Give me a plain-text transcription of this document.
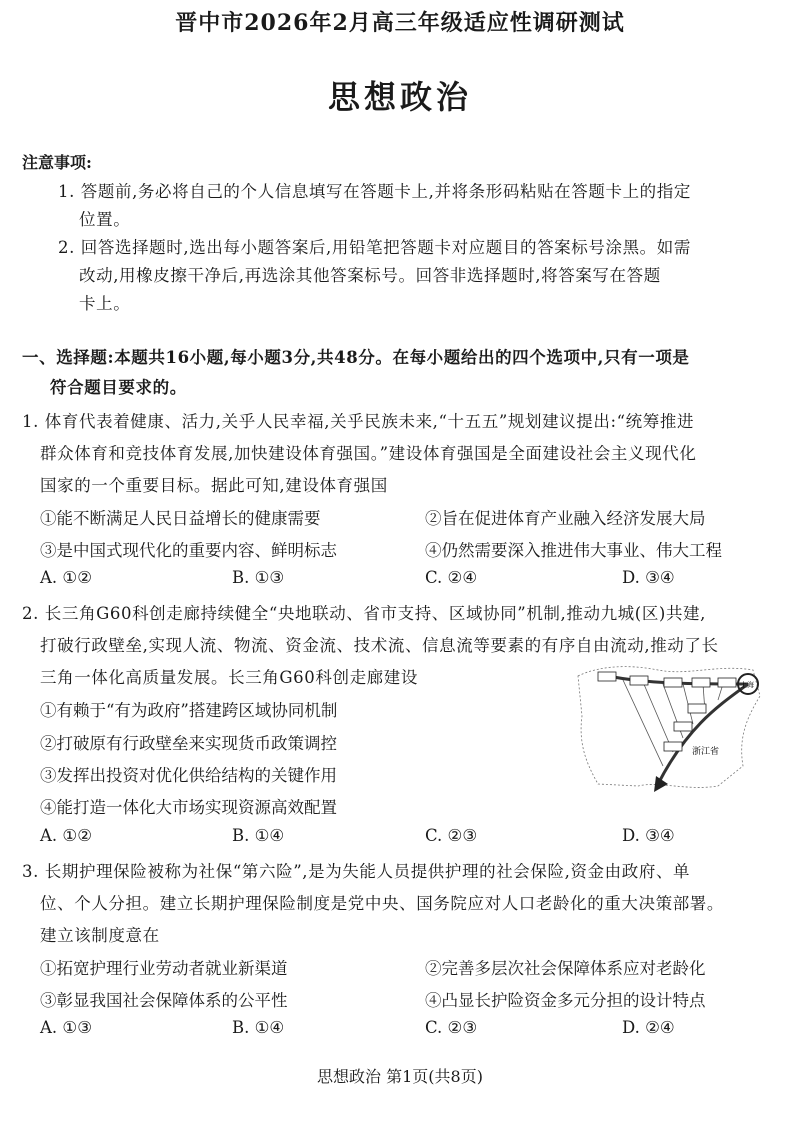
晋中市2026年2月高三年级适应性调研测试
思想政治
注意事项:
1. 答题前,务必将自己的个人信息填写在答题卡上,并将条形码粘贴在答题卡上的指定
位置。
2. 回答选择题时,选出每小题答案后,用铅笔把答题卡对应题目的答案标号涂黑。如需
改动,用橡皮擦干净后,再选涂其他答案标号。回答非选择题时,将答案写在答题
卡上。
一、选择题:本题共16小题,每小题3分,共48分。在每小题给出的四个选项中,只有一项是
符合题目要求的。
1. 体育代表着健康、活力,关乎人民幸福,关乎民族未来,“十五五”规划建议提出:“统筹推进
群众体育和竞技体育发展,加快建设体育强国。”建设体育强国是全面建设社会主义现代化
国家的一个重要目标。据此可知,建设体育强国
①能不断满足人民日益增长的健康需要	②旨在促进体育产业融入经济发展大局
③是中国式现代化的重要内容、鲜明标志	④仍然需要深入推进伟大事业、伟大工程
A. ①②	B. ①③	C. ②④	D. ③④
2. 长三角G60科创走廊持续健全“央地联动、省市支持、区域协同”机制,推动九城(区)共建,
打破行政壁垒,实现人流、物流、资金流、技术流、信息流等要素的有序自由流动,推动了长
三角一体化高质量发展。长三角G60科创走廊建设
①有赖于“有为政府”搭建跨区域协同机制
②打破原有行政壁垒来实现货币政策调控
③发挥出投资对优化供给结构的关键作用
④能打造一体化大市场实现资源高效配置
A. ①②	B. ①④	C. ②③	D. ③④
上海
浙江省
3. 长期护理保险被称为社保“第六险”,是为失能人员提供护理的社会保险,资金由政府、单
位、个人分担。建立长期护理保险制度是党中央、国务院应对人口老龄化的重大决策部署。
建立该制度意在
①拓宽护理行业劳动者就业新渠道	②完善多层次社会保障体系应对老龄化
③彰显我国社会保障体系的公平性	④凸显长护险资金多元分担的设计特点
A. ①③	B. ①④	C. ②③	D. ②④
思想政治 第1页(共8页)
